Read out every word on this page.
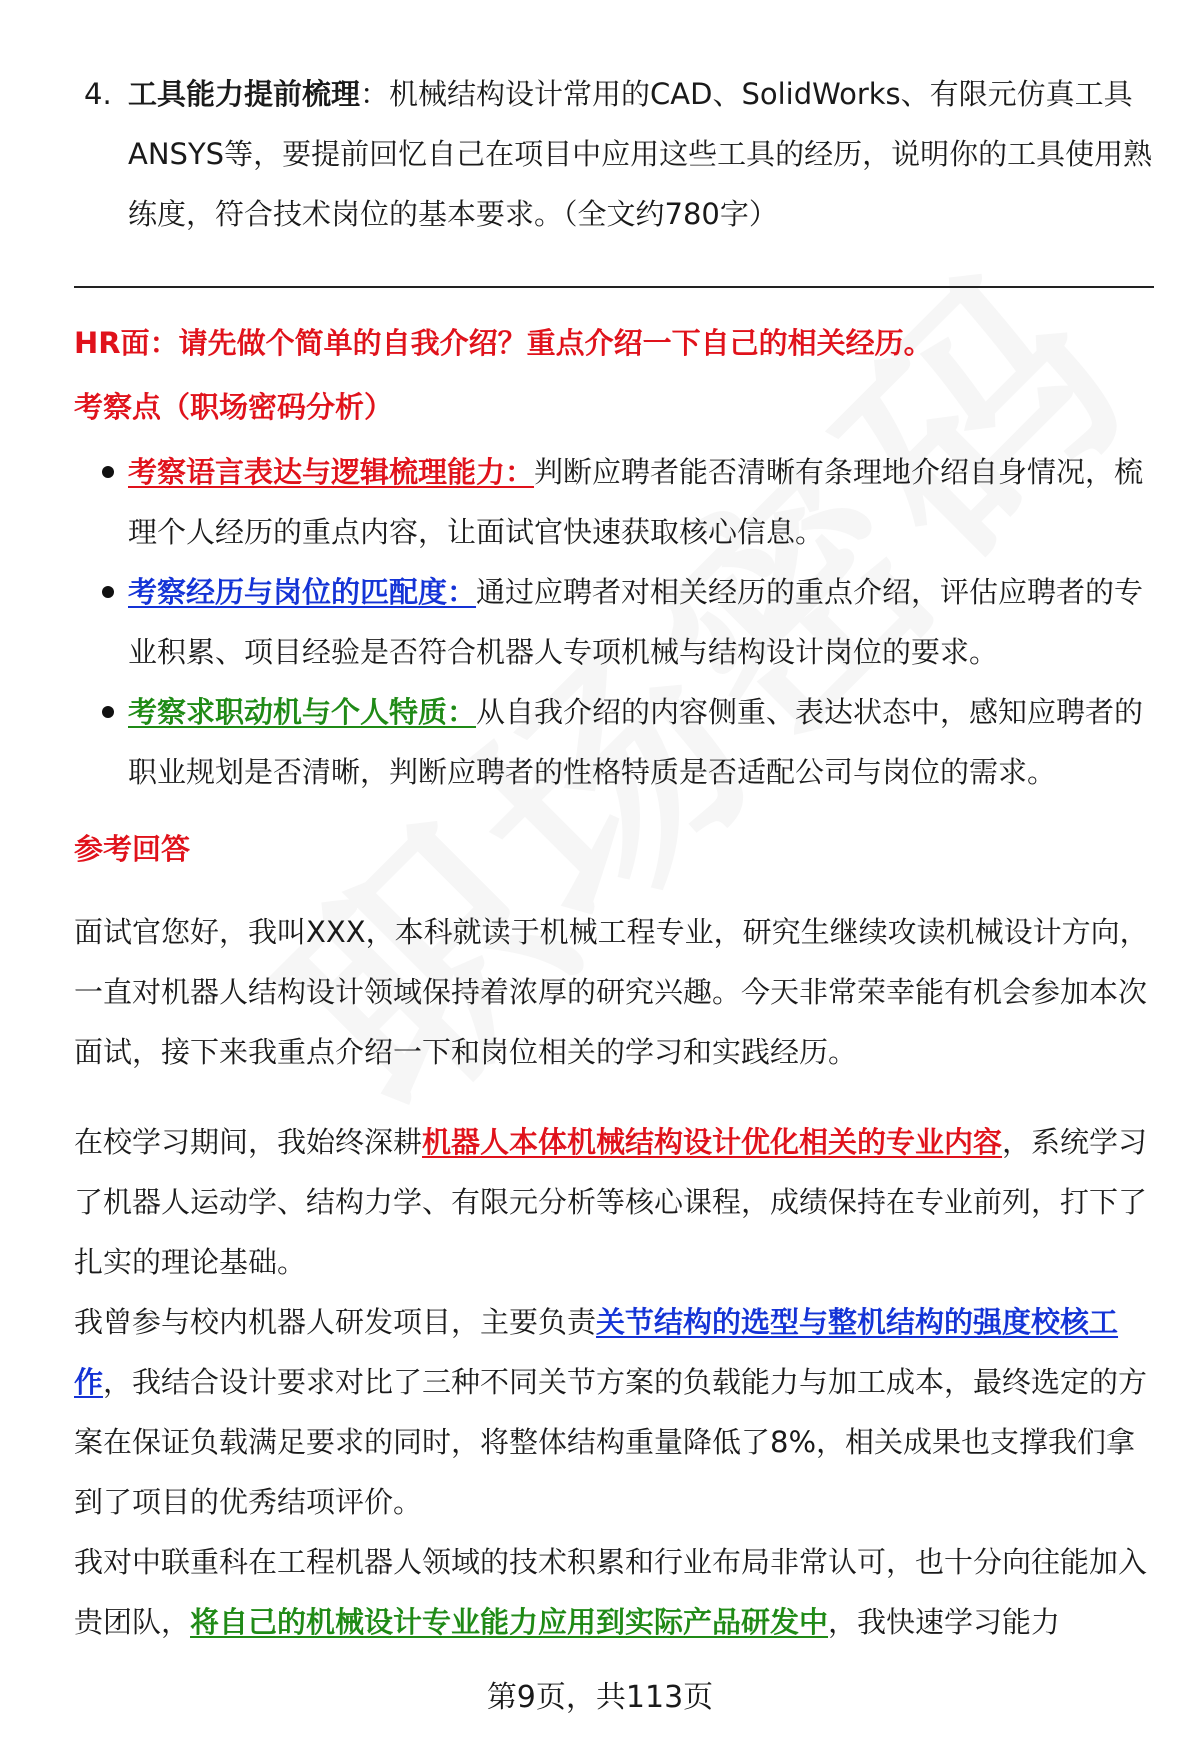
4. 工具能力提前梳理：机械结构设计常用的CAD、SolidWorks、有限元仿真工具ANSYS等，要提前回忆自己在项目中应用这些工具的经历，说明你的工具使用熟练度，符合技术岗位的基本要求。（全文约780字）
HR面：请先做个简单的自我介绍？重点介绍一下自己的相关经历。
考察点（职场密码分析）
考察语言表达与逻辑梳理能力：判断应聘者能否清晰有条理地介绍自身情况，梳理个人经历的重点内容，让面试官快速获取核心信息。
考察经历与岗位的匹配度：通过应聘者对相关经历的重点介绍，评估应聘者的专业积累、项目经验是否符合机器人专项机械与结构设计岗位的要求。
考察求职动机与个人特质：从自我介绍的内容侧重、表达状态中，感知应聘者的职业规划是否清晰，判断应聘者的性格特质是否适配公司与岗位的需求。
参考回答
面试官您好，我叫XXX，本科就读于机械工程专业，研究生继续攻读机械设计方向，一直对机器人结构设计领域保持着浓厚的研究兴趣。今天非常荣幸能有机会参加本次面试，接下来我重点介绍一下和岗位相关的学习和实践经历。
在校学习期间，我始终深耕机器人本体机械结构设计优化相关的专业内容，系统学习了机器人运动学、结构力学、有限元分析等核心课程，成绩保持在专业前列，打下了扎实的理论基础。
我曾参与校内机器人研发项目，主要负责关节结构的选型与整机结构的强度校核工作，我结合设计要求对比了三种不同关节方案的负载能力与加工成本，最终选定的方案在保证负载满足要求的同时，将整体结构重量降低了8%，相关成果也支撑我们拿到了项目的优秀结项评价。
我对中联重科在工程机器人领域的技术积累和行业布局非常认可，也十分向往能加入贵团队，将自己的机械设计专业能力应用到实际产品研发中，我快速学习能力
第9页，共113页
